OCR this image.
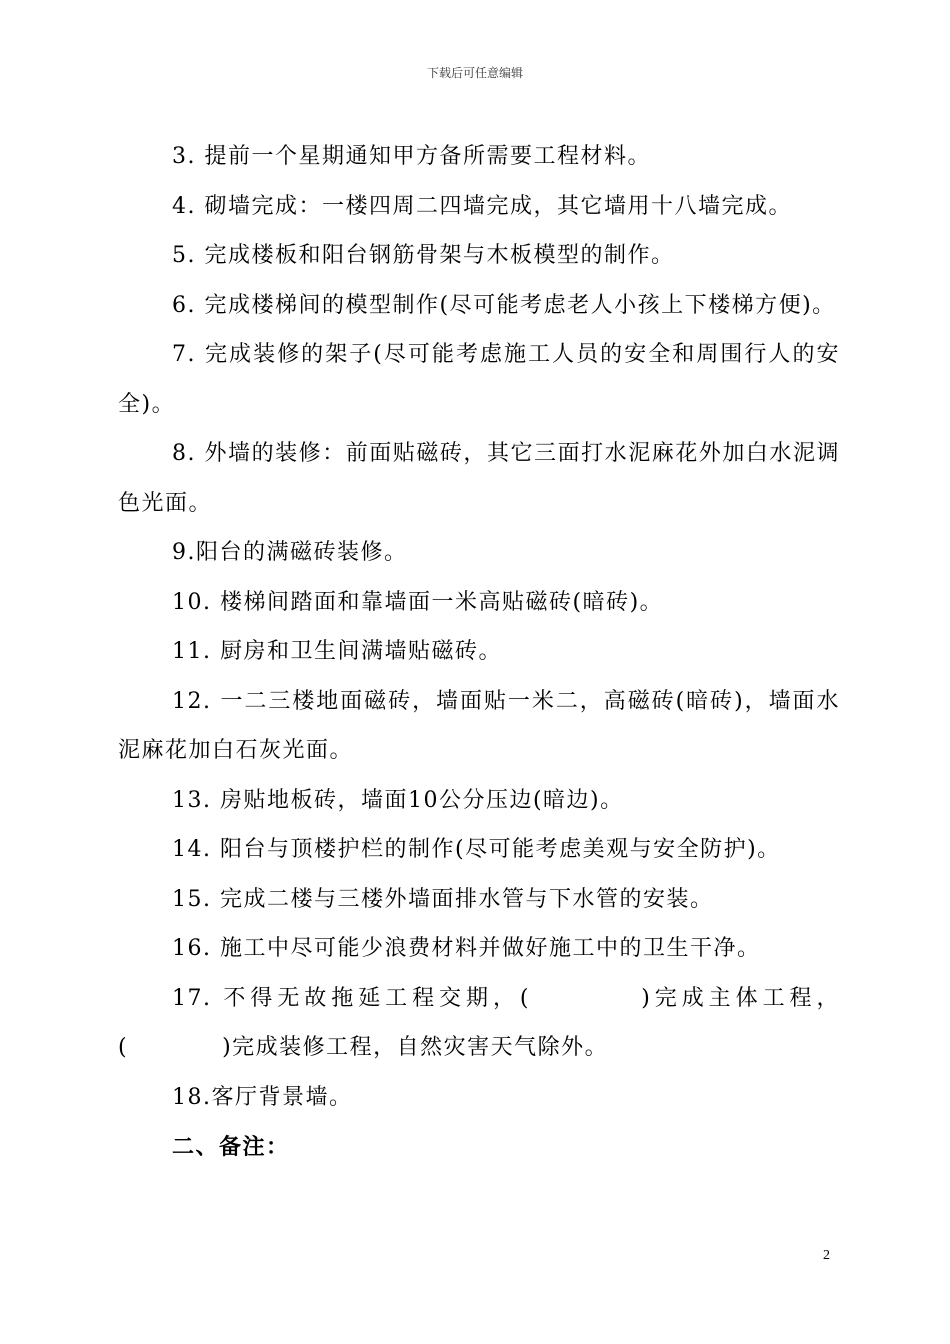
下载后可任意编辑

3. 提前一个星期通知甲方备所需要工程材料。

4. 砌墙完成：一楼四周二四墙完成，其它墙用十八墙完成。

5. 完成楼板和阳台钢筋骨架与木板模型的制作。

6. 完成楼梯间的模型制作(尽可能考虑老人小孩上下楼梯方便)。

7. 完成装修的架子(尽可能考虑施工人员的安全和周围行人的安全)。

8. 外墙的装修：前面贴磁砖，其它三面打水泥麻花外加白水泥调色光面。

9.阳台的满磁砖装修。

10. 楼梯间踏面和靠墙面一米高贴磁砖(暗砖)。

11. 厨房和卫生间满墙贴磁砖。

12. 一二三楼地面磁砖，墙面贴一米二，高磁砖(暗砖)，墙面水泥麻花加白石灰光面。

13. 房贴地板砖，墙面10公分压边(暗边)。

14. 阳台与顶楼护栏的制作(尽可能考虑美观与安全防护)。

15. 完成二楼与三楼外墙面排水管与下水管的安装。

16. 施工中尽可能少浪费材料并做好施工中的卫生干净。

17. 不得无故拖延工程交期，(　　　　)完成主体工程，(　　　　)完成装修工程，自然灾害天气除外。

18.客厅背景墙。

二、备注：

2
